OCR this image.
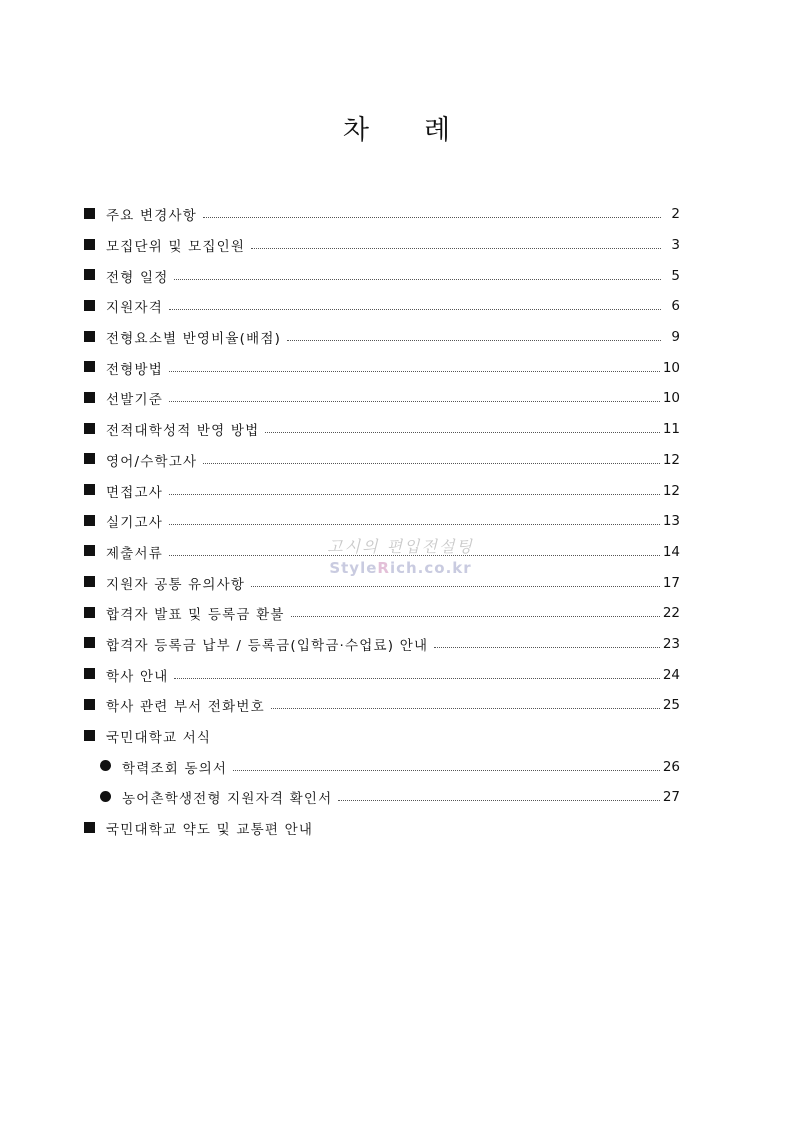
차 례
주요 변경사항	2
모집단위 및 모집인원	3
전형 일정	5
지원자격	6
전형요소별 반영비율(배점)	9
전형방법	10
선발기준	10
전적대학성적 반영 방법	11
영어/수학고사	12
면접고사	12
실기고사	13
제출서류	14
지원자 공통 유의사항	17
합격자 발표 및 등록금 환불	22
합격자 등록금 납부 / 등록금(입학금·수업료) 안내	23
학사 안내	24
학사 관련 부서 전화번호	25
국민대학교 서식
학력조회 동의서	26
농어촌학생전형 지원자격 확인서	27
국민대학교 약도 및 교통편 안내
고시의 편입전설팅
StyleRich.co.kr
